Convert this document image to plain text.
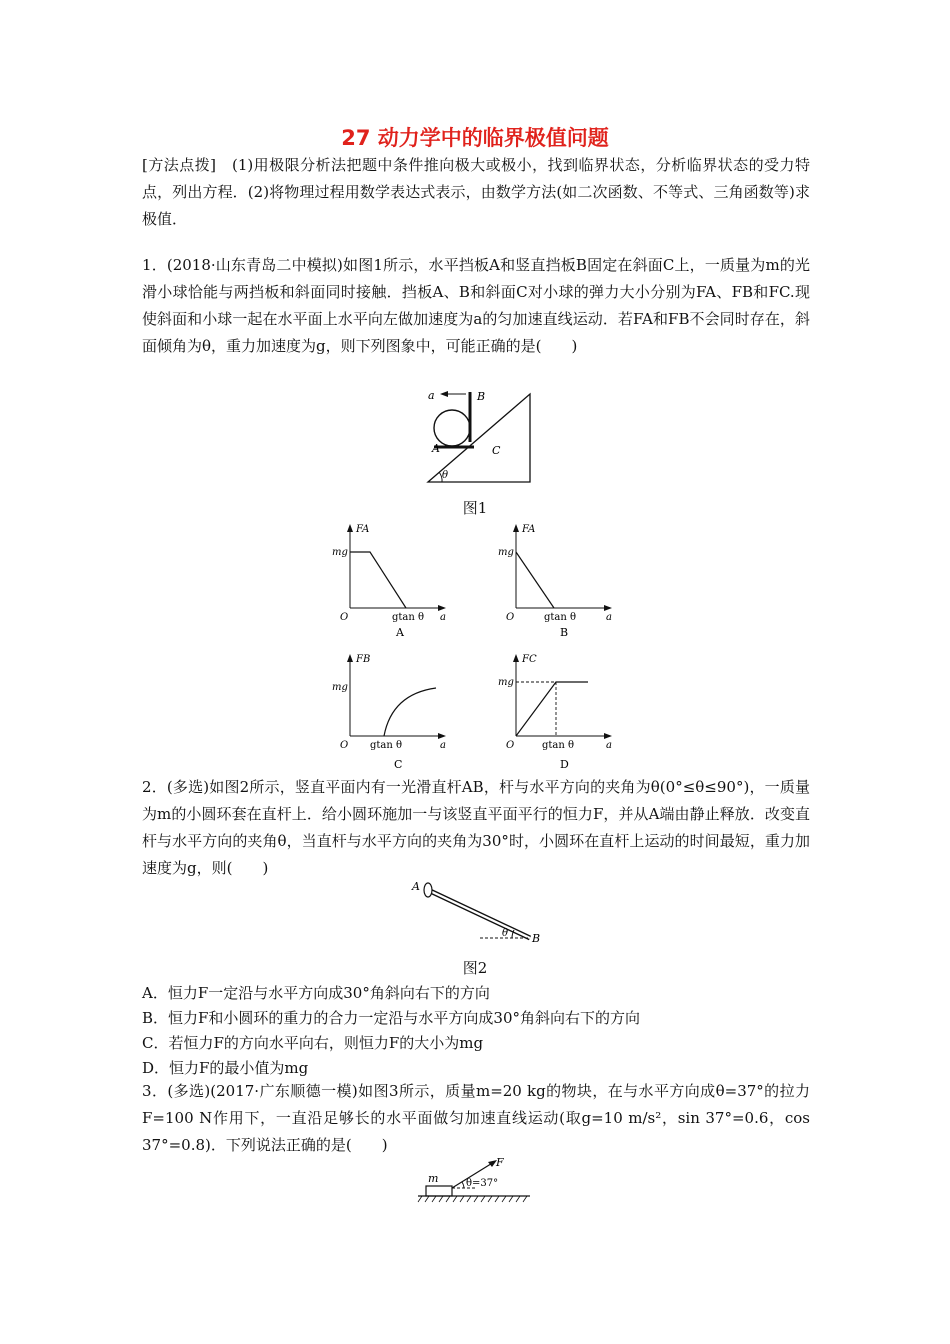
27 动力学中的临界极值问题
[方法点拨]　(1)用极限分析法把题中条件推向极大或极小，找到临界状态，分析临界状态的受力特点，列出方程．(2)将物理过程用数学表达式表示，由数学方法(如二次函数、不等式、三角函数等)求极值．
1．(2018·山东青岛二中模拟)如图1所示，水平挡板A和竖直挡板B固定在斜面C上，一质量为m的光滑小球恰能与两挡板和斜面同时接触．挡板A、B和斜面C对小球的弹力大小分别为FA、FB和FC.现使斜面和小球一起在水平面上水平向左做加速度为a的匀加速直线运动．若FA和FB不会同时存在，斜面倾角为θ，重力加速度为g，则下列图象中，可能正确的是(　　)
a	B
A	C
θ
图1
FA
mg
O	gtan θ a
A
FA
mg
O	gtan θ	a
B
FB
mg
O gtan θ	a
C
FC
mg
O	gtan θ	a
D
2．(多选)如图2所示，竖直平面内有一光滑直杆AB，杆与水平方向的夹角为θ(0°≤θ≤90°)，一质量为m的小圆环套在直杆上．给小圆环施加一与该竖直平面平行的恒力F，并从A端由静止释放．改变直杆与水平方向的夹角θ，当直杆与水平方向的夹角为30°时，小圆环在直杆上运动的时间最短，重力加速度为g，则(　　)
A
B
θ
图2
A．恒力F一定沿与水平方向成30°角斜向右下的方向
B．恒力F和小圆环的重力的合力一定沿与水平方向成30°角斜向右下的方向
C．若恒力F的方向水平向右，则恒力F的大小为mg
D．恒力F的最小值为mg
3．(多选)(2017·广东顺德一模)如图3所示，质量m=20 kg的物块，在与水平方向成θ=37°的拉力F=100 N作用下，一直沿足够长的水平面做匀加速直线运动(取g=10 m/s²，sin 37°=0.6，cos 37°=0.8)．下列说法正确的是(　　)
m
F
θ=37°
